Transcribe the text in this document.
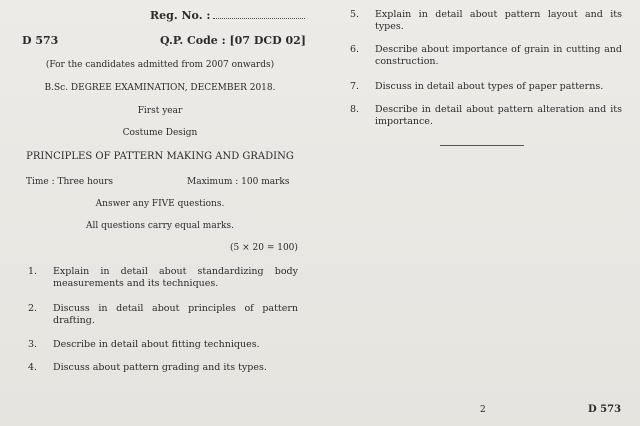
Reg. No. :
D 573	Q.P. Code : [07 DCD 02]
(For the candidates admitted from 2007 onwards)
B.Sc. DEGREE EXAMINATION, DECEMBER 2018.
First year
Costume Design
PRINCIPLES OF PATTERN MAKING AND GRADING
Time : Three hours	Maximum : 100 marks
Answer any FIVE questions.
All questions carry equal marks.
(5 × 20 = 100)
1. Explain in detail about standardizing body measurements and its techniques.
2. Discuss in detail about principles of pattern drafting.
3. Describe in detail about fitting techniques.
4. Discuss about pattern grading and its types.
5. Explain in detail about pattern layout and its types.
6. Describe about importance of grain in cutting and construction.
7. Discuss in detail about types of paper patterns.
8. Describe in detail about pattern alteration and its importance.
2	D 573
